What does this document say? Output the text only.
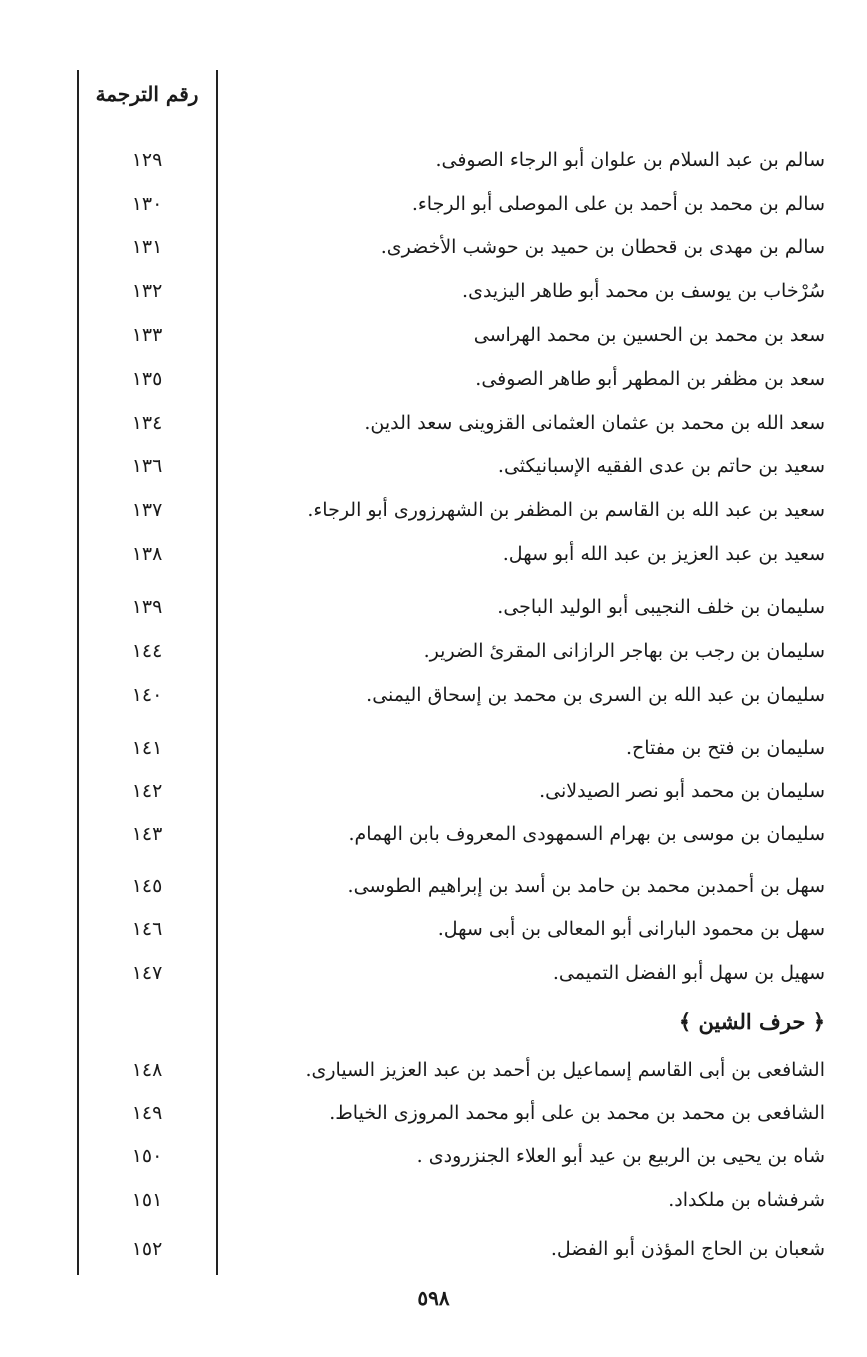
رقم الترجمة
سالم بن عبد السلام بن علوان أبو الرجاء الصوفى.
١٢٩
سالم بن محمد بن أحمد بن على الموصلى أبو الرجاء.
١٣٠
سالم بن مهدى بن قحطان بن حميد بن حوشب الأخضرى.
١٣١
سُرْخاب بن يوسف بن محمد أبو طاهر اليزيدى.
١٣٢
سعد بن محمد بن الحسين بن محمد الهراسى
١٣٣
سعد بن مظفر بن المطهر أبو طاهر الصوفى.
١٣٥
سعد الله بن محمد بن عثمان العثمانى القزوينى سعد الدين.
١٣٤
سعيد بن حاتم بن عدى الفقيه الإسبانيكثى.
١٣٦
سعيد بن عبد الله بن القاسم بن المظفر بن الشهرزورى أبو الرجاء.
١٣٧
سعيد بن عبد العزيز بن عبد الله أبو سهل.
١٣٨
سليمان بن خلف النجيبى أبو الوليد الباجى.
١٣٩
سليمان بن رجب بن بهاجر الرازانى المقرئ الضرير.
١٤٤
سليمان بن عبد الله بن السرى بن محمد بن إسحاق اليمنى.
١٤٠
سليمان بن فتح بن مفتاح.
١٤١
سليمان بن محمد أبو نصر الصيدلانى.
١٤٢
سليمان بن موسى بن بهرام السمهودى المعروف بابن الهمام.
١٤٣
سهل بن أحمدبن محمد بن حامد بن أسد بن إبراهيم الطوسى.
١٤٥
سهل بن محمود البارانى أبو المعالى بن أبى سهل.
١٤٦
سهيل بن سهل أبو الفضل التميمى.
١٤٧
﴿ حرف الشين ﴾
الشافعى بن أبى القاسم إسماعيل بن أحمد بن عبد العزيز السيارى.
١٤٨
الشافعى بن محمد بن محمد بن على أبو محمد المروزى الخياط.
١٤٩
شاه بن يحيى بن الربيع بن عيد أبو العلاء الجنزرودى .
١٥٠
شرفشاه بن ملكداد.
١٥١
شعبان بن الحاج المؤذن أبو الفضل.
١٥٢
٥٩٨
